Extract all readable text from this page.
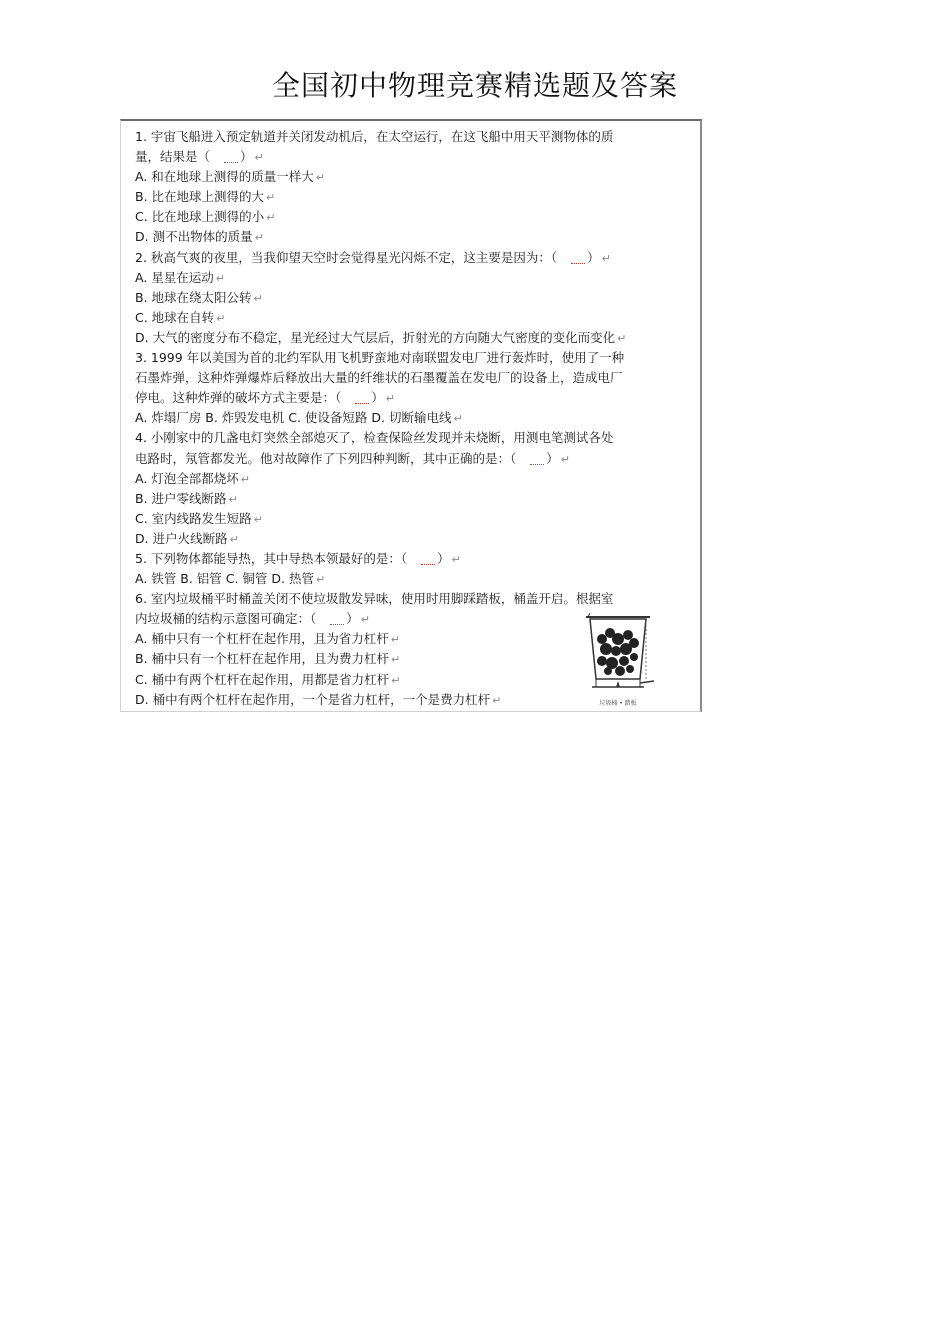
全国初中物理竞赛精选题及答案
1. 宇宙飞船进入预定轨道并关闭发动机后，在太空运行，在这飞船中用天平测物体的质
量，结果是（ ） ↵
A. 和在地球上测得的质量一样大 ↵
B. 比在地球上测得的大 ↵
C. 比在地球上测得的小 ↵
D. 测不出物体的质量 ↵
2. 秋高气爽的夜里，当我仰望天空时会觉得星光闪烁不定，这主要是因为：（ ） ↵
A. 星星在运动 ↵
B. 地球在绕太阳公转 ↵
C. 地球在自转 ↵
D. 大气的密度分布不稳定，星光经过大气层后，折射光的方向随大气密度的变化而变化 ↵
3. 1999 年以美国为首的北约军队用飞机野蛮地对南联盟发电厂进行轰炸时，使用了一种
石墨炸弹，这种炸弹爆炸后释放出大量的纤维状的石墨覆盖在发电厂的设备上，造成电厂
停电。这种炸弹的破坏方式主要是：（ ） ↵
A. 炸塌厂房 B. 炸毁发电机 C. 使设备短路 D. 切断输电线 ↵
4. 小刚家中的几盏电灯突然全部熄灭了，检查保险丝发现并未烧断，用测电笔测试各处
电路时，氖管都发光。他对故障作了下列四种判断，其中正确的是：（ ） ↵
A. 灯泡全部都烧坏 ↵
B. 进户零线断路 ↵
C. 室内线路发生短路 ↵
D. 进户火线断路 ↵
5. 下列物体都能导热，其中导热本领最好的是：（ ） ↵
A. 铁管 B. 铝管 C. 铜管 D. 热管 ↵
6. 室内垃圾桶平时桶盖关闭不使垃圾散发异味，使用时用脚踩踏板，桶盖开启。根据室
内垃圾桶的结构示意图可确定：（ ） ↵
A. 桶中只有一个杠杆在起作用，且为省力杠杆 ↵
B. 桶中只有一个杠杆在起作用，且为费力杠杆 ↵
C. 桶中有两个杠杆在起作用，用都是省力杠杆 ↵
D. 桶中有两个杠杆在起作用，一个是省力杠杆，一个是费力杠杆 ↵	垃圾桶 • 踏板
